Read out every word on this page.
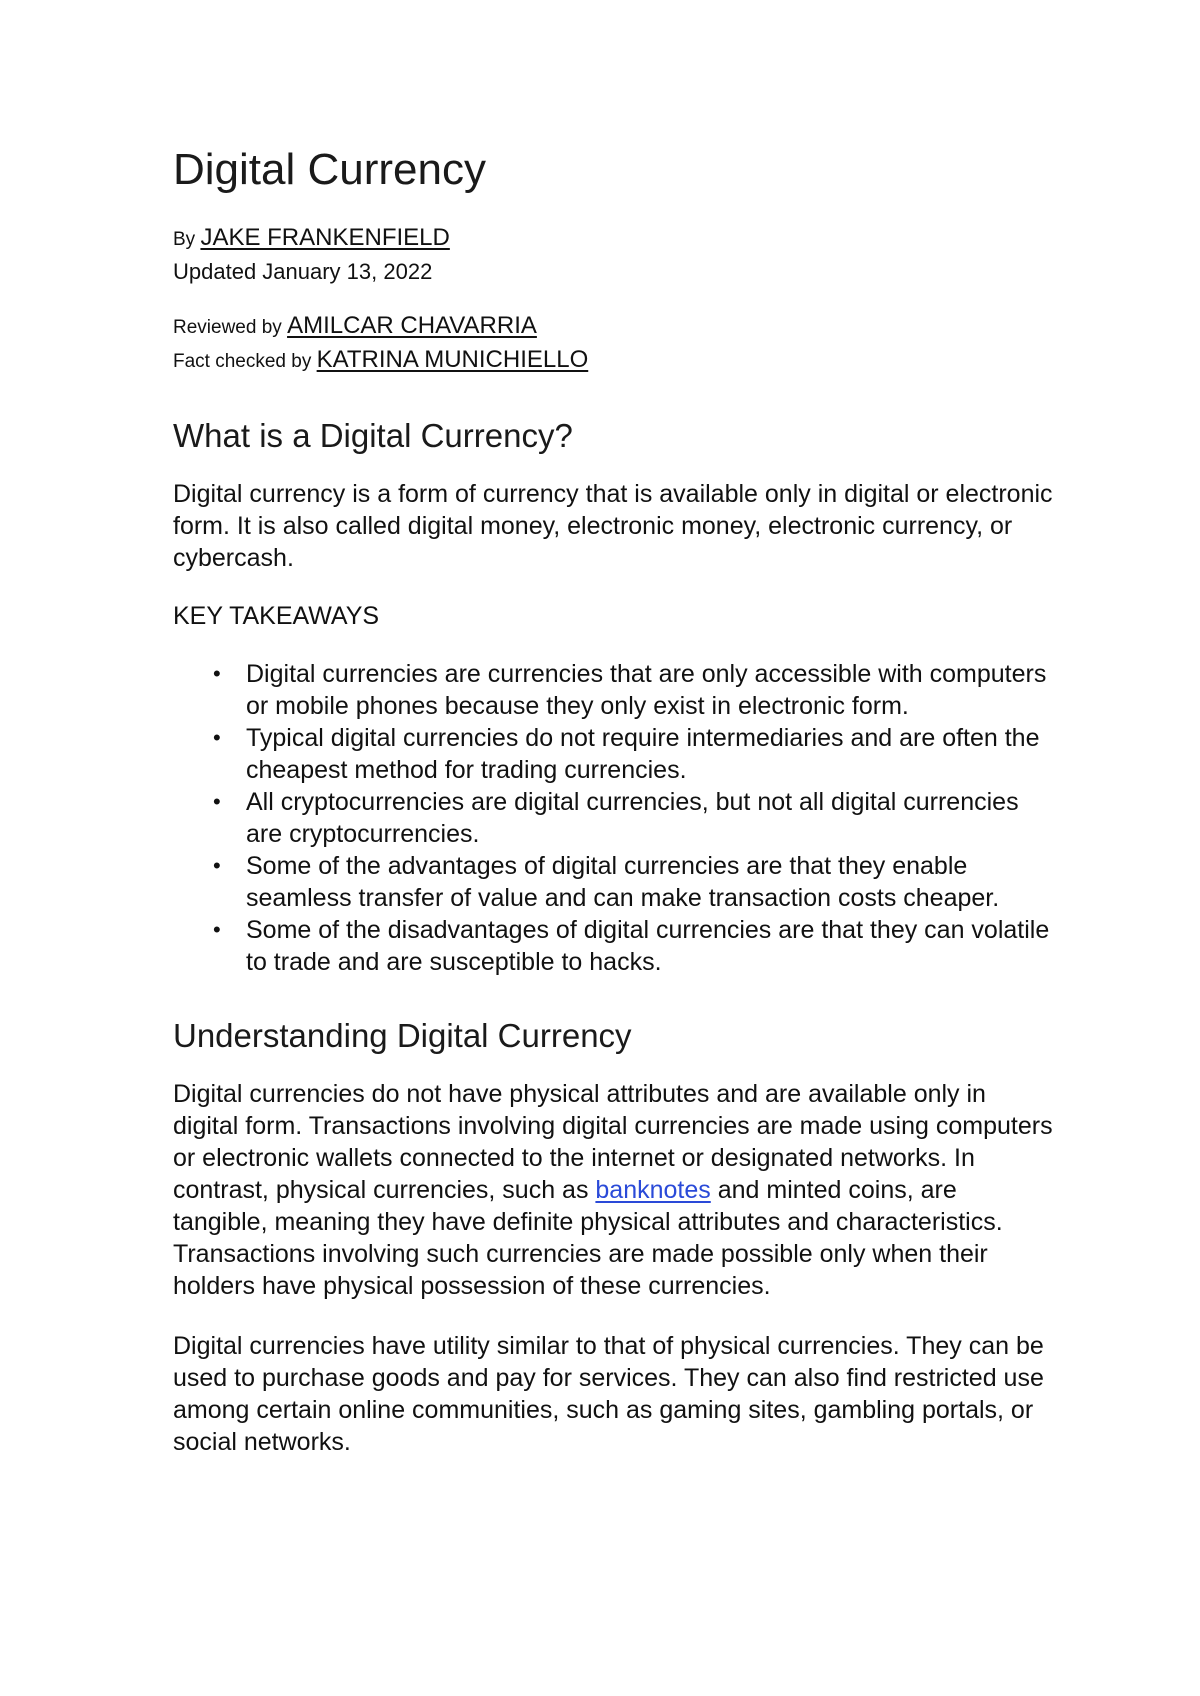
Digital Currency
By JAKE FRANKENFIELD
Updated January 13, 2022
Reviewed by AMILCAR CHAVARRIA
Fact checked by KATRINA MUNICHIELLO
What is a Digital Currency?

Digital currency is a form of currency that is available only in digital or electronic form. It is also called digital money, electronic money, electronic currency, or cybercash.

KEY TAKEAWAYS
• Digital currencies are currencies that are only accessible with computers or mobile phones because they only exist in electronic form.
• Typical digital currencies do not require intermediaries and are often the cheapest method for trading currencies.
• All cryptocurrencies are digital currencies, but not all digital currencies are cryptocurrencies.
• Some of the advantages of digital currencies are that they enable seamless transfer of value and can make transaction costs cheaper.
• Some of the disadvantages of digital currencies are that they can volatile to trade and are susceptible to hacks.
Understanding Digital Currency

Digital currencies do not have physical attributes and are available only in digital form. Transactions involving digital currencies are made using computers or electronic wallets connected to the internet or designated networks. In contrast, physical currencies, such as banknotes and minted coins, are tangible, meaning they have definite physical attributes and characteristics. Transactions involving such currencies are made possible only when their holders have physical possession of these currencies.

Digital currencies have utility similar to that of physical currencies. They can be used to purchase goods and pay for services. They can also find restricted use among certain online communities, such as gaming sites, gambling portals, or social networks.
